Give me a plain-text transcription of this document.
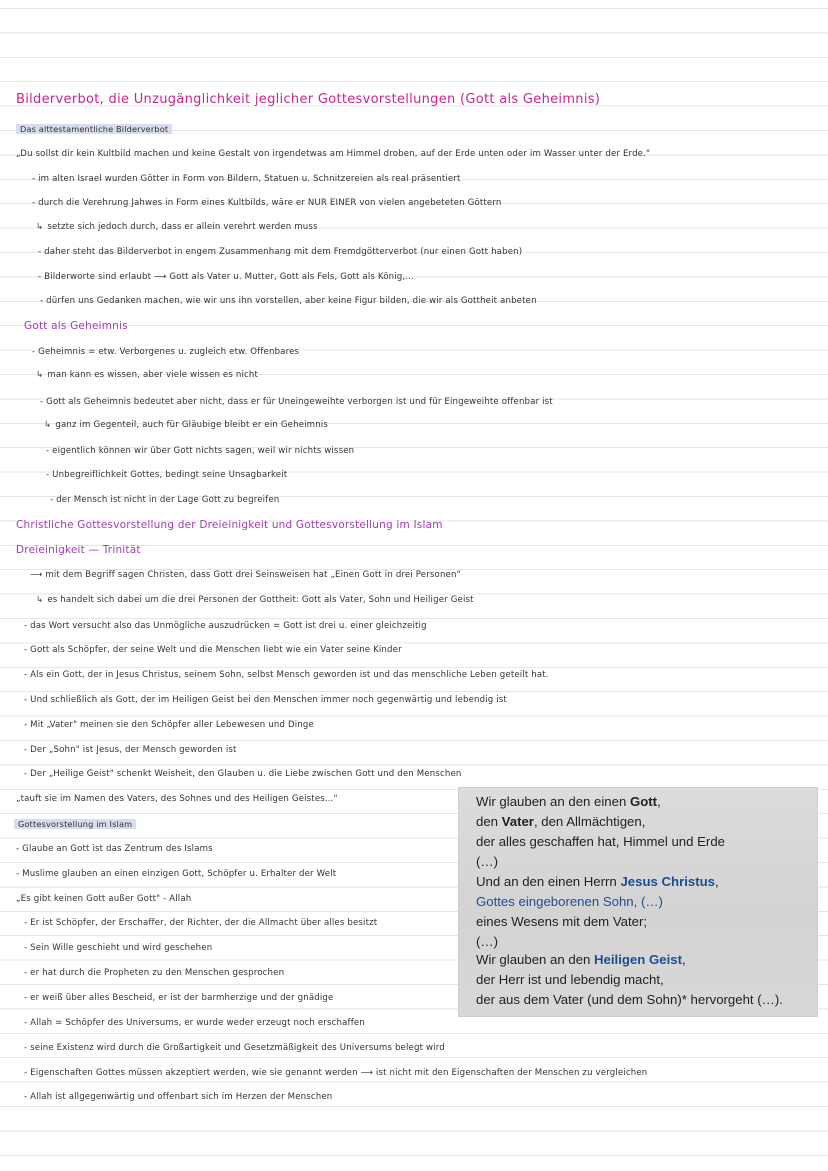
Bilderverbot, die Unzugänglichkeit jeglicher Gottesvorstellungen (Gott als Geheimnis)
Das alttestamentliche Bilderverbot
„Du sollst dir kein Kultbild machen und keine Gestalt von irgendetwas am Himmel droben, auf der Erde unten oder im Wasser unter der Erde."
- im alten Israel wurden Götter in Form von Bildern, Statuen u. Schnitzereien als real präsentiert
- durch die Verehrung Jahwes in Form eines Kultbilds, wäre er NUR EINER von vielen angebeteten Göttern
↳ setzte sich jedoch durch, dass er allein verehrt werden muss
- daher steht das Bilderverbot in engem Zusammenhang mit dem Fremdgötterverbot (nur einen Gott haben)
- Bilderworte sind erlaubt ⟶ Gott als Vater u. Mutter, Gott als Fels, Gott als König,...
- dürfen uns Gedanken machen, wie wir uns ihn vorstellen, aber keine Figur bilden, die wir als Gottheit anbeten
Gott als Geheimnis
- Geheimnis = etw. Verborgenes u. zugleich etw. Offenbares
↳ man kann es wissen, aber viele wissen es nicht
- Gott als Geheimnis bedeutet aber nicht, dass er für Uneingeweihte verborgen ist und für Eingeweihte offenbar ist
↳ ganz im Gegenteil, auch für Gläubige bleibt er ein Geheimnis
- eigentlich können wir über Gott nichts sagen, weil wir nichts wissen
- Unbegreiflichkeit Gottes, bedingt seine Unsagbarkeit
- der Mensch ist nicht in der Lage Gott zu begreifen
Christliche Gottesvorstellung der Dreieinigkeit und Gottesvorstellung im Islam
Dreieinigkeit — Trinität
⟶ mit dem Begriff sagen Christen, dass Gott drei Seinsweisen hat „Einen Gott in drei Personen"
↳ es handelt sich dabei um die drei Personen der Gottheit: Gott als Vater, Sohn und Heiliger Geist
- das Wort versucht also das Unmögliche auszudrücken = Gott ist drei u. einer gleichzeitig
- Gott als Schöpfer, der seine Welt und die Menschen liebt wie ein Vater seine Kinder
- Als ein Gott, der in Jesus Christus, seinem Sohn, selbst Mensch geworden ist und das menschliche Leben geteilt hat.
- Und schließlich als Gott, der im Heiligen Geist bei den Menschen immer noch gegenwärtig und lebendig ist
- Mit „Vater" meinen sie den Schöpfer aller Lebewesen und Dinge
- Der „Sohn" ist Jesus, der Mensch geworden ist
- Der „Heilige Geist" schenkt Weisheit, den Glauben u. die Liebe zwischen Gott und den Menschen
„tauft sie im Namen des Vaters, des Sohnes und des Heiligen Geistes..."
Gottesvorstellung im Islam
- Glaube an Gott ist das Zentrum des Islams
- Muslime glauben an einen einzigen Gott, Schöpfer u. Erhalter der Welt
„Es gibt keinen Gott außer Gott" - Allah
- Er ist Schöpfer, der Erschaffer, der Richter, der die Allmacht über alles besitzt
- Sein Wille geschieht und wird geschehen
- er hat durch die Propheten zu den Menschen gesprochen
- er weiß über alles Bescheid, er ist der barmherzige und der gnädige
- Allah = Schöpfer des Universums, er wurde weder erzeugt noch erschaffen
- seine Existenz wird durch die Großartigkeit und Gesetzmäßigkeit des Universums belegt wird
- Eigenschaften Gottes müssen akzeptiert werden, wie sie genannt werden ⟶ ist nicht mit den Eigenschaften der Menschen zu vergleichen
- Allah ist allgegenwärtig und offenbart sich im Herzen der Menschen
Wir glauben an den einen Gott,
den Vater, den Allmächtigen,
der alles geschaffen hat, Himmel und Erde
(…)
Und an den einen Herrn Jesus Christus,
Gottes eingeborenen Sohn, (…)
eines Wesens mit dem Vater;
(…)
Wir glauben an den Heiligen Geist,
der Herr ist und lebendig macht,
der aus dem Vater (und dem Sohn)* hervorgeht (…).
